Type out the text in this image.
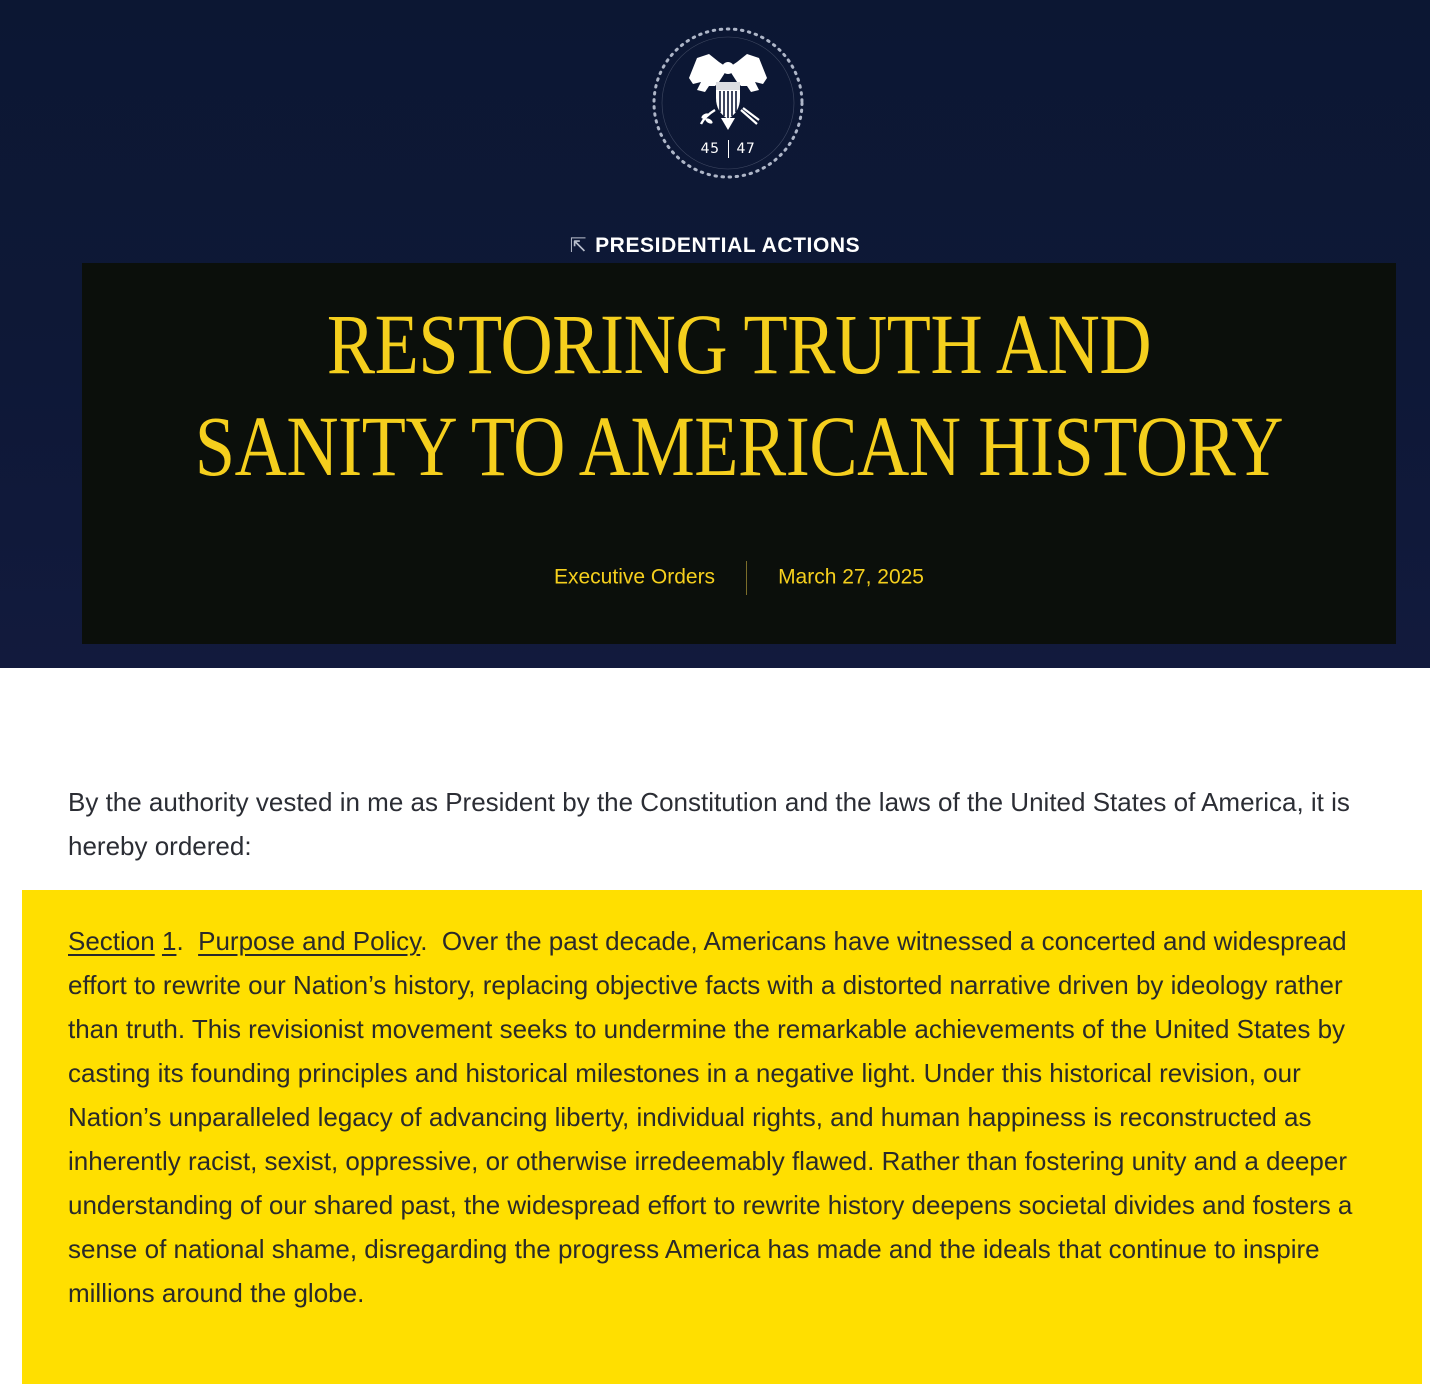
45 47
⇱ PRESIDENTIAL ACTIONS
RESTORING TRUTH AND
SANITY TO AMERICAN HISTORY
Executive Orders	March 27, 2025
By the authority vested in me as President by the Constitution and the laws of the United States of America, it is hereby ordered:
Section 1.  Purpose and Policy.  Over the past decade, Americans have witnessed a concerted and widespread effort to rewrite our Nation’s history, replacing objective facts with a distorted narrative driven by ideology rather than truth. This revisionist movement seeks to undermine the remarkable achievements of the United States by casting its founding principles and historical milestones in a negative light. Under this historical revision, our Nation’s unparalleled legacy of advancing liberty, individual rights, and human happiness is reconstructed as inherently racist, sexist, oppressive, or otherwise irredeemably flawed. Rather than fostering unity and a deeper understanding of our shared past, the widespread effort to rewrite history deepens societal divides and fosters a sense of national shame, disregarding the progress America has made and the ideals that continue to inspire millions around the globe.
